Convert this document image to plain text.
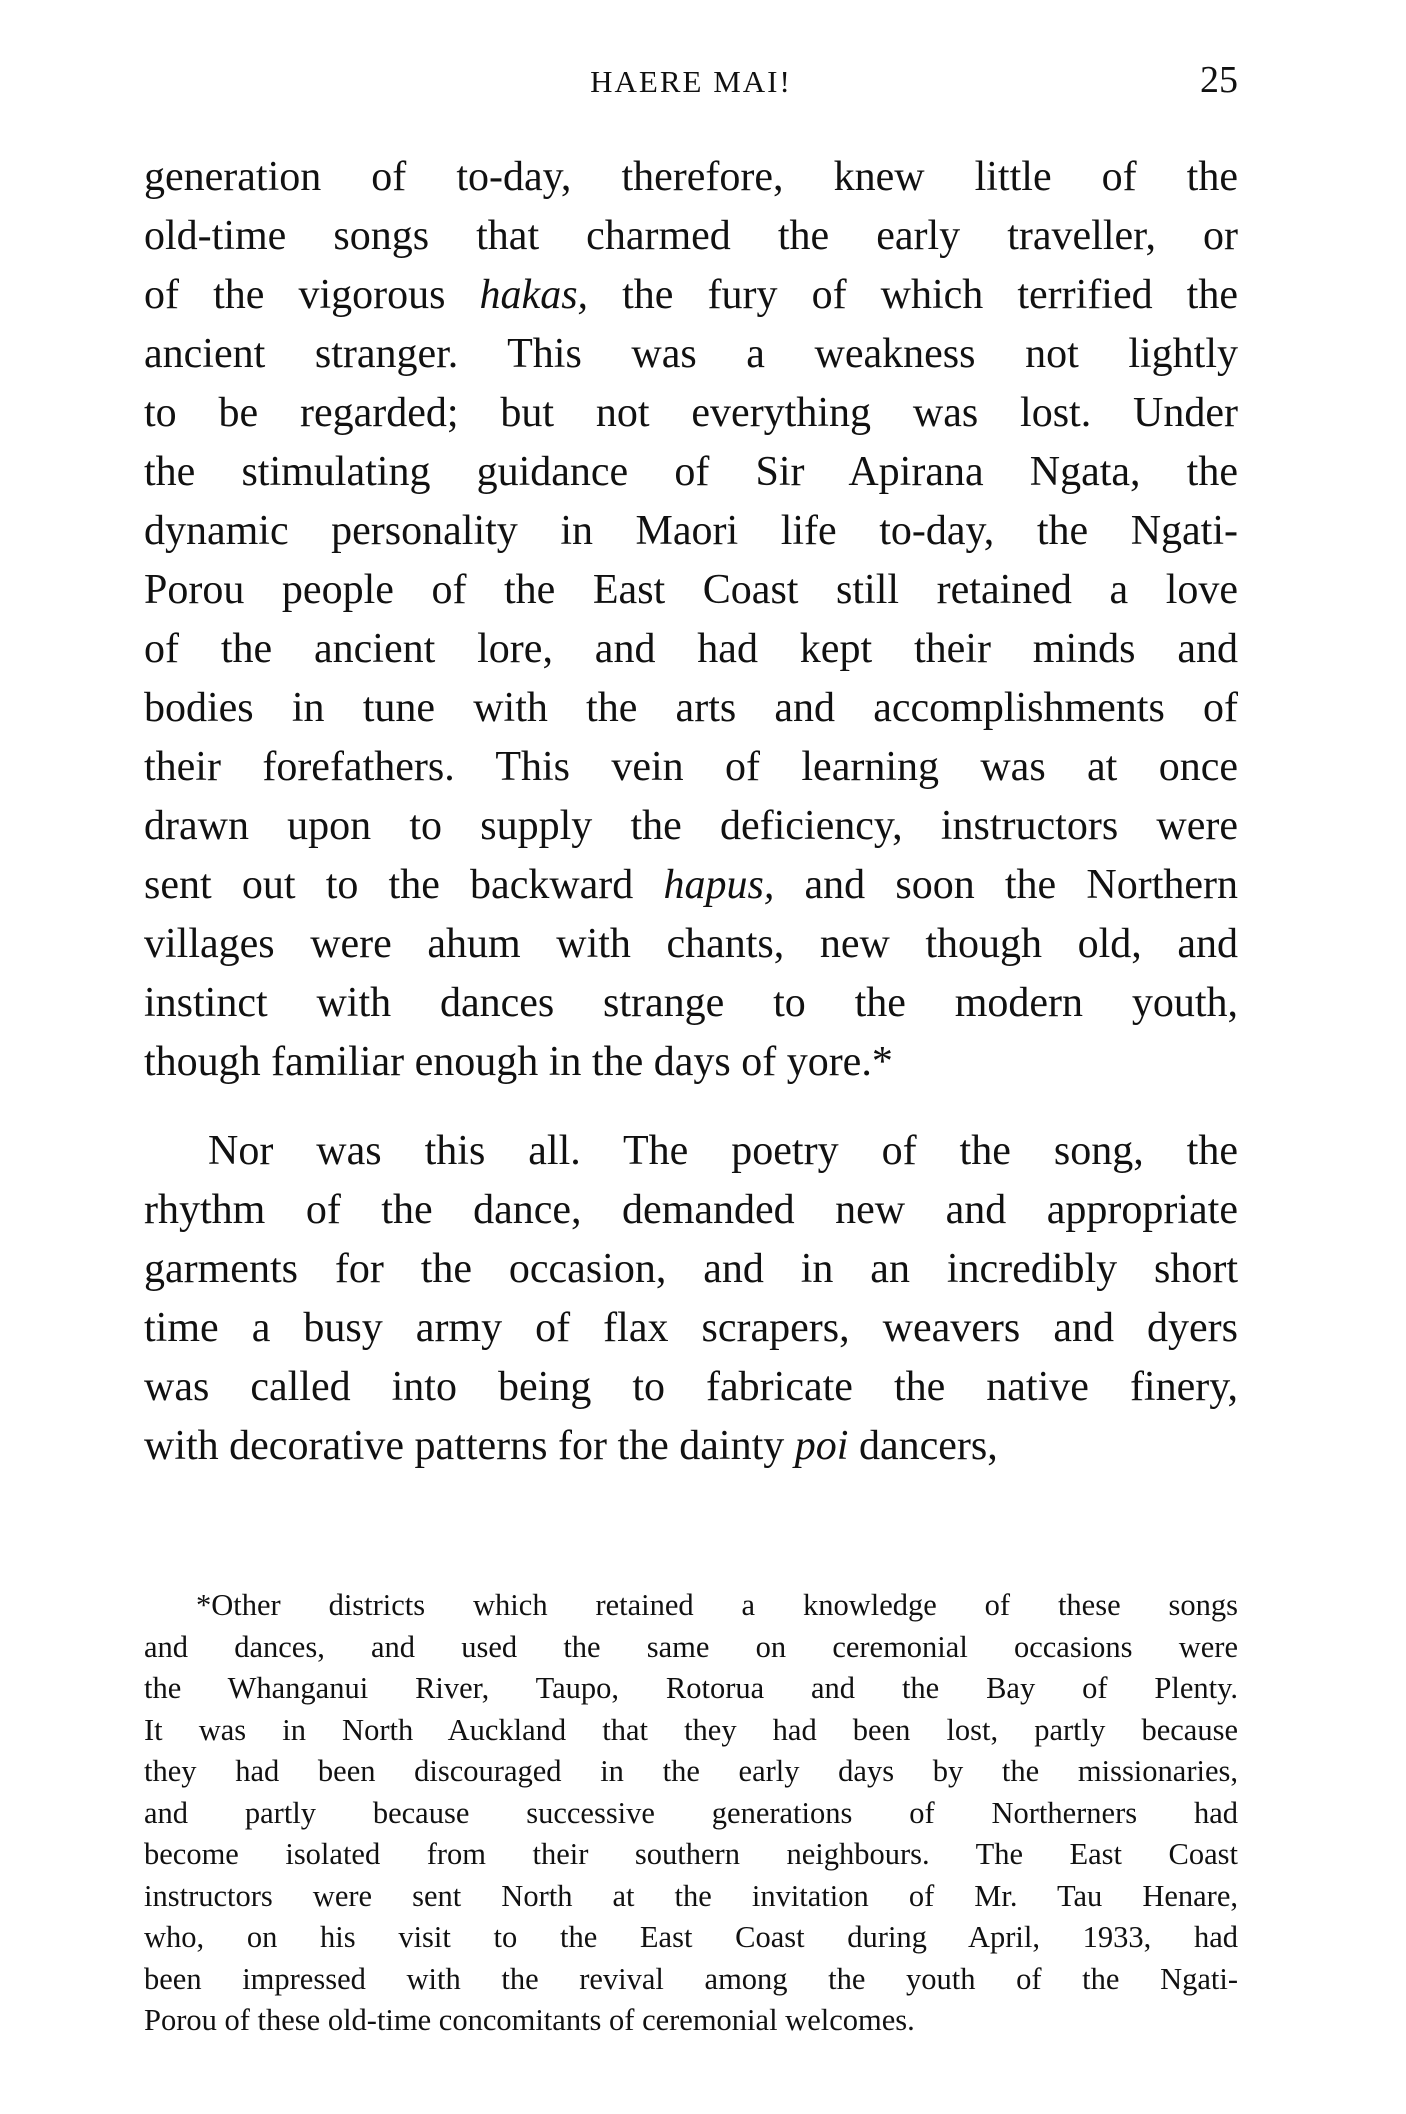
HAERE MAI!	25
generation of to-day, therefore, knew little of the
old-time songs that charmed the early traveller, or
of the vigorous hakas, the fury of which terrified the
ancient stranger. This was a weakness not lightly
to be regarded; but not everything was lost. Under
the stimulating guidance of Sir Apirana Ngata, the
dynamic personality in Maori life to-day, the Ngati-
Porou people of the East Coast still retained a love
of the ancient lore, and had kept their minds and
bodies in tune with the arts and accomplishments of
their forefathers. This vein of learning was at once
drawn upon to supply the deficiency, instructors were
sent out to the backward hapus, and soon the Northern
villages were ahum with chants, new though old, and
instinct with dances strange to the modern youth,
though familiar enough in the days of yore.*
Nor was this all. The poetry of the song, the
rhythm of the dance, demanded new and appropriate
garments for the occasion, and in an incredibly short
time a busy army of flax scrapers, weavers and dyers
was called into being to fabricate the native finery,
with decorative patterns for the dainty poi dancers,
*Other districts which retained a knowledge of these songs
and dances, and used the same on ceremonial occasions were
the Whanganui River, Taupo, Rotorua and the Bay of Plenty.
It was in North Auckland that they had been lost, partly because
they had been discouraged in the early days by the missionaries,
and partly because successive generations of Northerners had
become isolated from their southern neighbours. The East Coast
instructors were sent North at the invitation of Mr. Tau Henare,
who, on his visit to the East Coast during April, 1933, had
been impressed with the revival among the youth of the Ngati-
Porou of these old-time concomitants of ceremonial welcomes.
